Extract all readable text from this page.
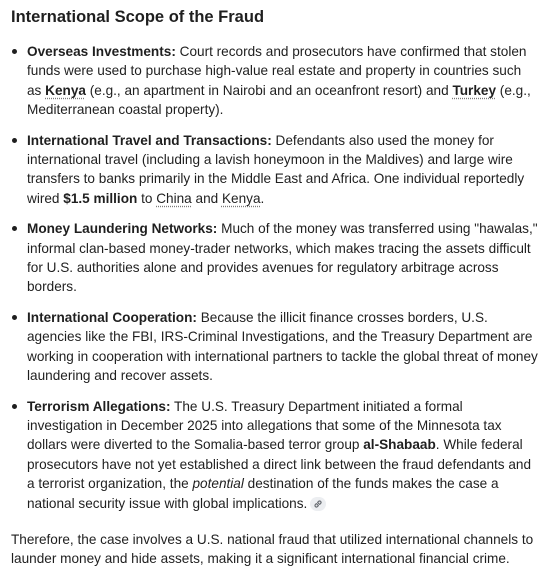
International Scope of the Fraud
Overseas Investments: Court records and prosecutors have confirmed that stolen funds were used to purchase high-value real estate and property in countries such as Kenya (e.g., an apartment in Nairobi and an oceanfront resort) and Turkey (e.g., Mediterranean coastal property).
International Travel and Transactions: Defendants also used the money for international travel (including a lavish honeymoon in the Maldives) and large wire transfers to banks primarily in the Middle East and Africa. One individual reportedly wired $1.5 million to China and Kenya.
Money Laundering Networks: Much of the money was transferred using "hawalas," informal clan-based money-trader networks, which makes tracing the assets difficult for U.S. authorities alone and provides avenues for regulatory arbitrage across borders.
International Cooperation: Because the illicit finance crosses borders, U.S. agencies like the FBI, IRS-Criminal Investigations, and the Treasury Department are working in cooperation with international partners to tackle the global threat of money laundering and recover assets.
Terrorism Allegations: The U.S. Treasury Department initiated a formal investigation in December 2025 into allegations that some of the Minnesota tax dollars were diverted to the Somalia-based terror group al-Shabaab. While federal prosecutors have not yet established a direct link between the fraud defendants and a terrorist organization, the potential destination of the funds makes the case a national security issue with global implications.

Therefore, the case involves a U.S. national fraud that utilized international channels to launder money and hide assets, making it a significant international financial crime.
